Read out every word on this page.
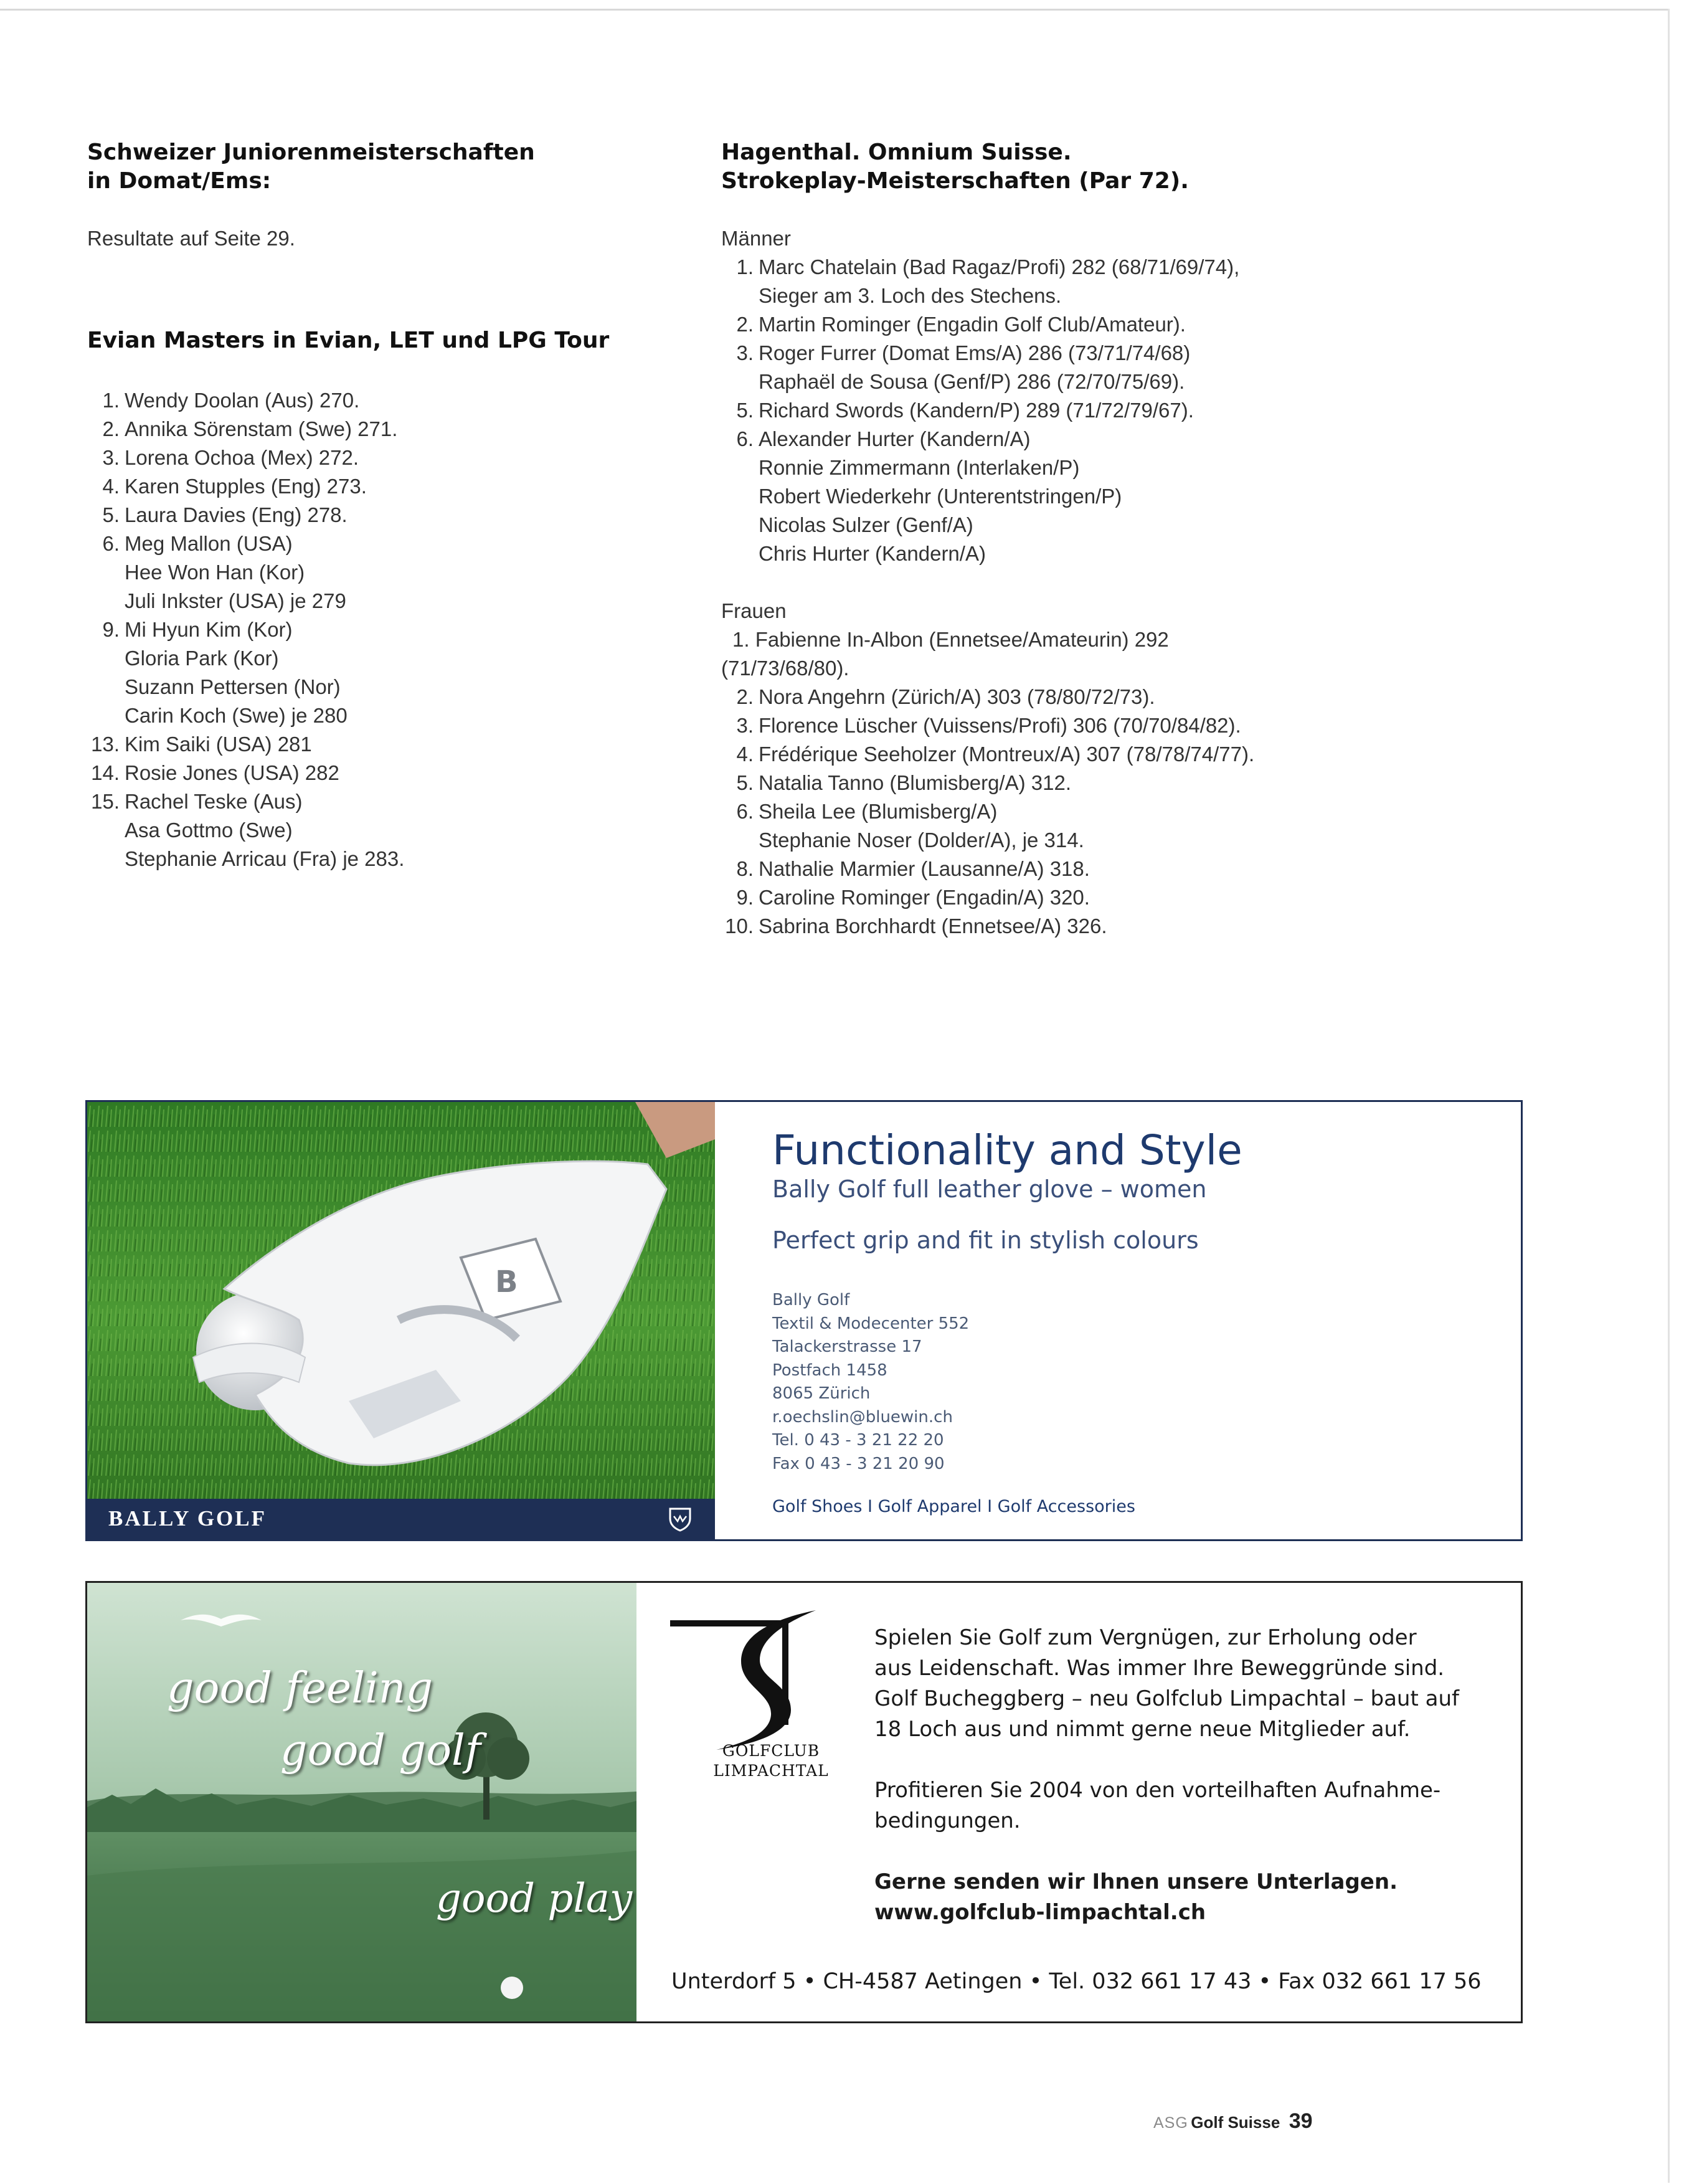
Schweizer Juniorenmeisterschaften
in Domat/Ems:
Resultate auf Seite 29.
Evian Masters in Evian, LET und LPG Tour
1. Wendy Doolan (Aus) 270.
2. Annika Sörenstam (Swe) 271.
3. Lorena Ochoa (Mex) 272.
4. Karen Stupples (Eng) 273.
5. Laura Davies (Eng) 278.
6. Meg Mallon (USA)
Hee Won Han (Kor)
Juli Inkster (USA) je 279
9. Mi Hyun Kim (Kor)
Gloria Park (Kor)
Suzann Pettersen (Nor)
Carin Koch (Swe) je 280
13. Kim Saiki (USA) 281
14. Rosie Jones (USA) 282
15. Rachel Teske (Aus)
Asa Gottmo (Swe)
Stephanie Arricau (Fra) je 283.
Hagenthal. Omnium Suisse.
Strokeplay-Meisterschaften (Par 72).
Männer
1. Marc Chatelain (Bad Ragaz/Profi) 282 (68/71/69/74),
Sieger am 3. Loch des Stechens.
2. Martin Rominger (Engadin Golf Club/Amateur).
3. Roger Furrer (Domat Ems/A) 286 (73/71/74/68)
Raphaël de Sousa (Genf/P) 286 (72/70/75/69).
5. Richard Swords (Kandern/P) 289 (71/72/79/67).
6. Alexander Hurter (Kandern/A)
Ronnie Zimmermann (Interlaken/P)
Robert Wiederkehr (Unterentstringen/P)
Nicolas Sulzer (Genf/A)
Chris Hurter (Kandern/A)
Frauen
1. Fabienne In-Albon (Ennetsee/Amateurin) 292
(71/73/68/80).
2. Nora Angehrn (Zürich/A) 303 (78/80/72/73).
3. Florence Lüscher (Vuissens/Profi) 306 (70/70/84/82).
4. Frédérique Seeholzer (Montreux/A) 307 (78/78/74/77).
5. Natalia Tanno (Blumisberg/A) 312.
6. Sheila Lee (Blumisberg/A)
Stephanie Noser (Dolder/A), je 314.
8. Nathalie Marmier (Lausanne/A) 318.
9. Caroline Rominger (Engadin/A) 320.
10. Sabrina Borchhardt (Ennetsee/A) 326.
B
BALLY GOLF
Functionality and Style
Bally Golf full leather glove – women
Perfect grip and fit in stylish colours
Bally Golf
Textil & Modecenter 552
Talackerstrasse 17
Postfach 1458
8065 Zürich
r.oechslin@bluewin.ch
Tel. 0 43 - 3 21 22 20
Fax 0 43 - 3 21 20 90
Golf Shoes I Golf Apparel I Golf Accessories
good feeling
good golf
good play
GOLFCLUB
LIMPACHTAL

Spielen Sie Golf zum Vergnügen, zur Erholung oder
aus Leidenschaft. Was immer Ihre Beweggründe sind.
Golf Bucheggberg – neu Golfclub Limpachtal – baut auf
18 Loch aus und nimmt gerne neue Mitglieder auf.

Profitieren Sie 2004 von den vorteilhaften Aufnahme-
bedingungen.

Gerne senden wir Ihnen unsere Unterlagen.
www.golfclub-limpachtal.ch

Unterdorf 5 • CH-4587 Aetingen • Tel. 032 661 17 43 • Fax 032 661 17 56
ASG Golf Suisse 39
